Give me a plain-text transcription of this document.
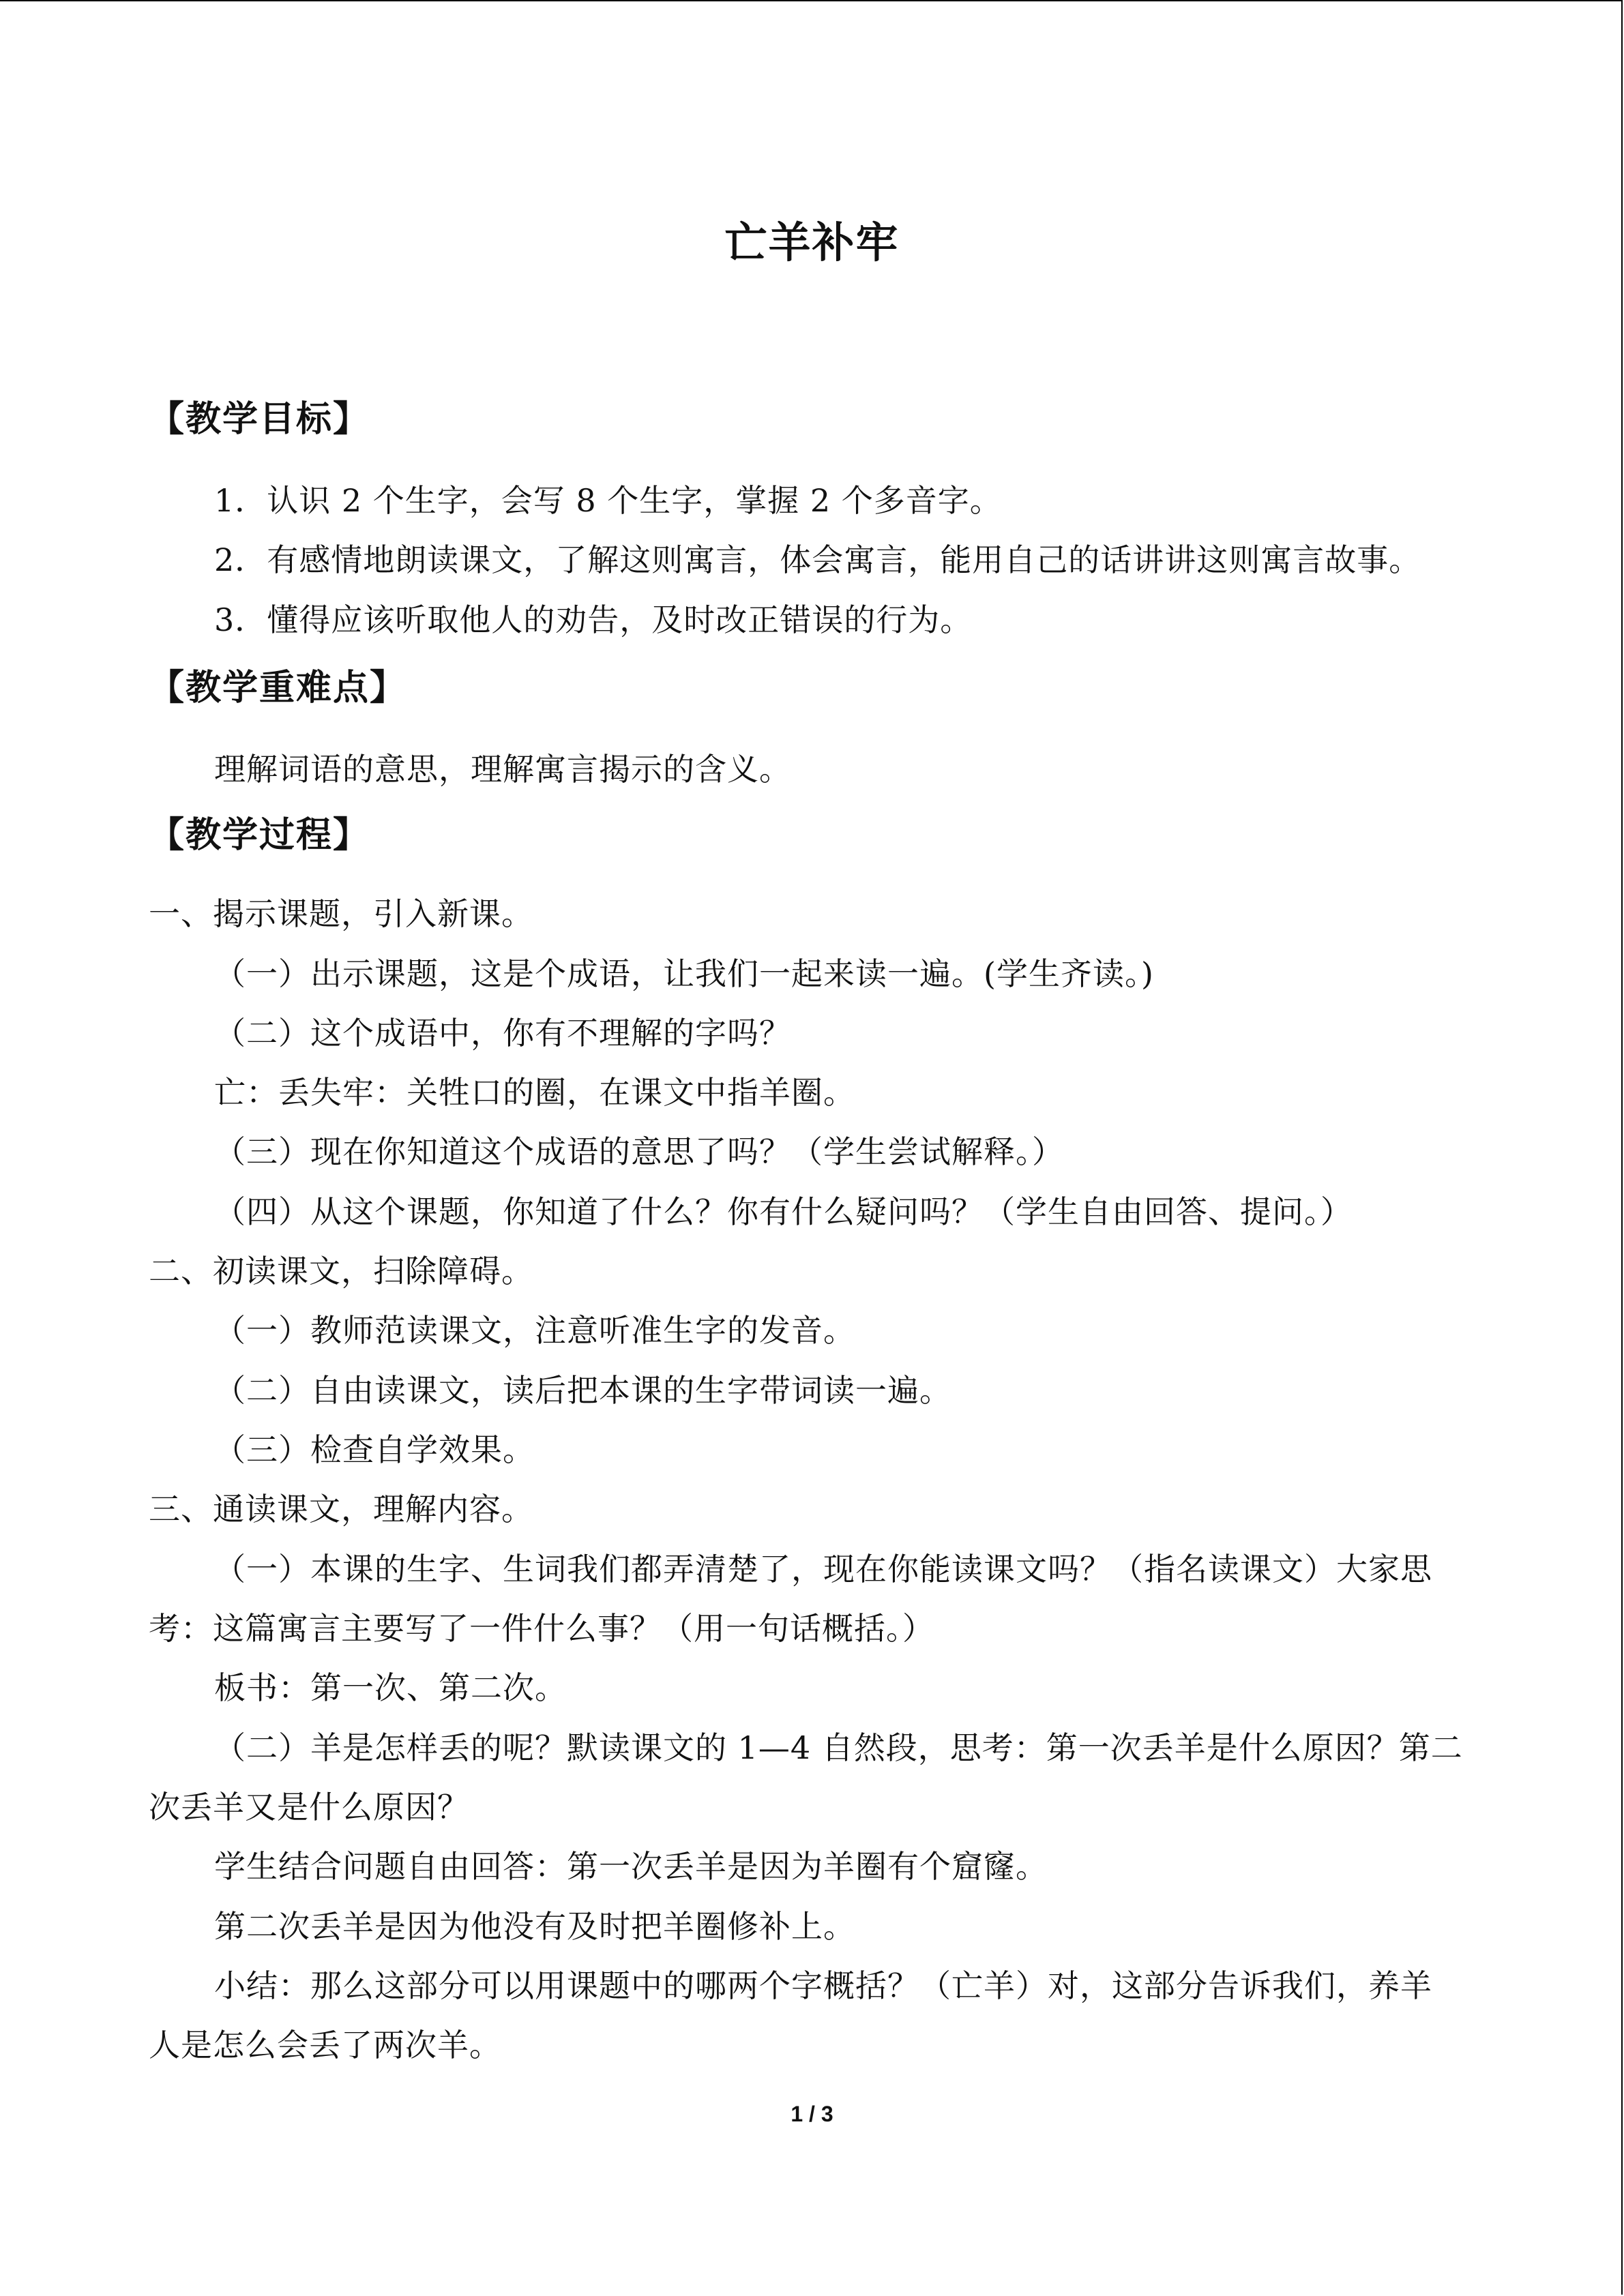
亡羊补牢
【教学目标】
1．认识 2 个生字，会写 8 个生字，掌握 2 个多音字。
2．有感情地朗读课文，了解这则寓言，体会寓言，能用自己的话讲讲这则寓言故事。
3．懂得应该听取他人的劝告，及时改正错误的行为。
【教学重难点】
理解词语的意思，理解寓言揭示的含义。
【教学过程】
一、揭示课题，引入新课。
（一）出示课题，这是个成语，让我们一起来读一遍。(学生齐读。)
（二）这个成语中，你有不理解的字吗？
亡：丢失牢：关牲口的圈，在课文中指羊圈。
（三）现在你知道这个成语的意思了吗？（学生尝试解释。）
（四）从这个课题，你知道了什么？你有什么疑问吗？（学生自由回答、提问。）
二、初读课文，扫除障碍。
（一）教师范读课文，注意听准生字的发音。
（二）自由读课文，读后把本课的生字带词读一遍。
（三）检查自学效果。
三、通读课文，理解内容。
（一）本课的生字、生词我们都弄清楚了，现在你能读课文吗？（指名读课文）大家思
考：这篇寓言主要写了一件什么事？（用一句话概括。）
板书：第一次、第二次。
（二）羊是怎样丢的呢？默读课文的 1—4 自然段，思考：第一次丢羊是什么原因？第二
次丢羊又是什么原因？
学生结合问题自由回答：第一次丢羊是因为羊圈有个窟窿。
第二次丢羊是因为他没有及时把羊圈修补上。
小结：那么这部分可以用课题中的哪两个字概括？（亡羊）对，这部分告诉我们，养羊
人是怎么会丢了两次羊。
1 / 3
